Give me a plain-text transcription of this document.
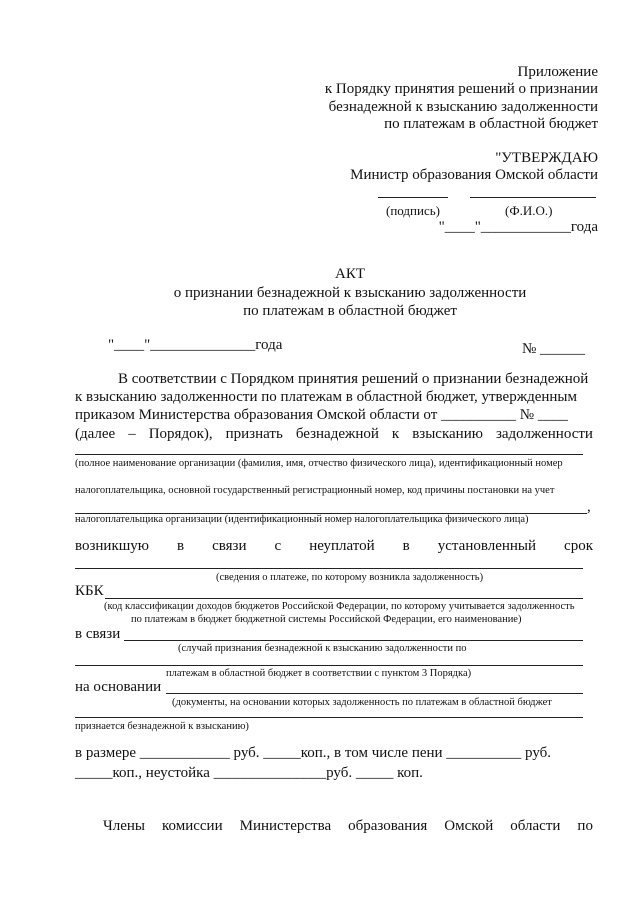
Приложение
к Порядку принятия решений о признании
безнадежной к взысканию задолженности
по платежам в областной бюджет
"УТВЕРЖДАЮ
Министр образования Омской области
(подпись)	(Ф.И.О.)
"____"____________года
АКТ
о признании безнадежной к взысканию задолженности
по платежам в областной бюджет
"____"______________года	№ ______
В соответствии с Порядком принятия решений о признании безнадежной
к взысканию задолженности по платежам в областной бюджет, утвержденным
приказом Министерства образования Омской области от __________ № ____
(далее – Порядок), признать безнадежной к взысканию задолженности
(полное наименование организации (фамилия, имя, отчество физического лица), идентификационный номер
налогоплательщика, основной государственный регистрационный номер, код причины постановки на учет
,
налогоплательщика организации (идентификационный номер налогоплательщика физического лица)
возникшую в связи с неуплатой в установленный срок
(сведения о платеже, по которому возникла задолженность)
КБК
(код классификации доходов бюджетов Российской Федерации, по которому учитывается задолженность
по платежам в бюджет бюджетной системы Российской Федерации, его наименование)
в связи
(случай признания безнадежной к взысканию задолженности по
платежам в областной бюджет в соответствии с пунктом 3 Порядка)
на основании
(документы, на основании которых задолженность по платежам в областной бюджет
признается безнадежной к взысканию)
в размере ____________ руб. _____коп., в том числе пени __________ руб.
_____коп., неустойка _______________руб. _____ коп.
Члены комиссии Министерства образования Омской области по
